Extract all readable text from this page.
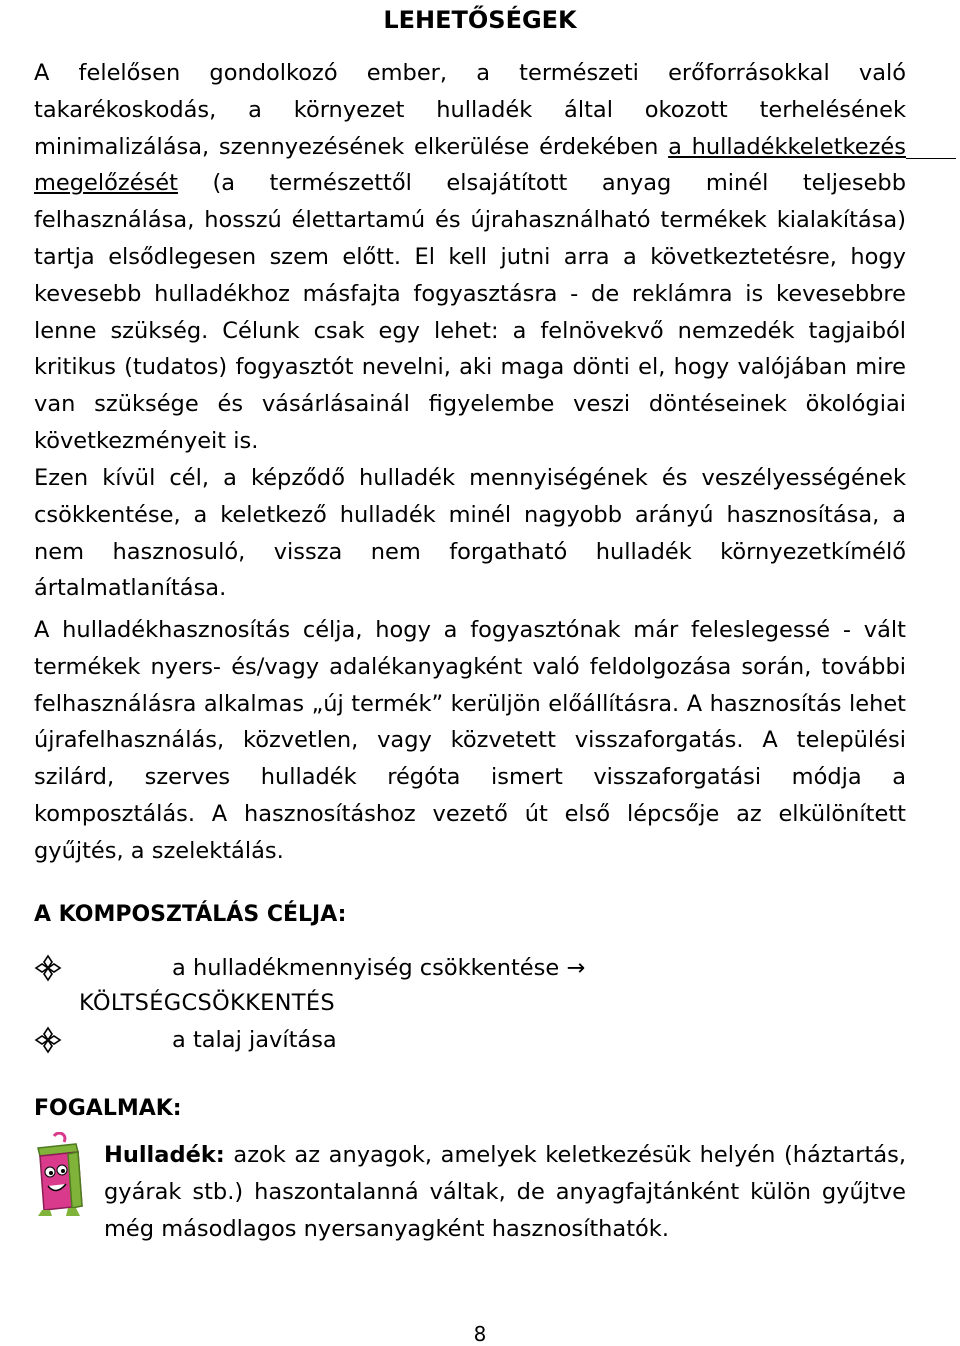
LEHETŐSÉGEK

A felelősen gondolkozó ember, a természeti erőforrásokkal való takarékoskodás, a környezet hulladék által okozott terhelésének minimalizálása, szennyezésének elkerülése érdekében a hulladékkeletkezés megelőzését (a természettől elsajátított anyag minél teljesebb felhasználása, hosszú élettartamú és újrahasználható termékek kialakítása) tartja elsődlegesen szem előtt. El kell jutni arra a következtetésre, hogy kevesebb hulladékhoz másfajta fogyasztásra - de reklámra is kevesebbre lenne szükség. Célunk csak egy lehet: a felnövekvő nemzedék tagjaiból kritikus (tudatos) fogyasztót nevelni, aki maga dönti el, hogy valójában mire van szüksége és vásárlásainál figyelembe veszi döntéseinek ökológiai következményeit is.

Ezen kívül cél, a képződő hulladék mennyiségének és veszélyességének csökkentése, a keletkező hulladék minél nagyobb arányú hasznosítása, a nem hasznosuló, vissza nem forgatható hulladék környezetkímélő ártalmatlanítása.

A hulladékhasznosítás célja, hogy a fogyasztónak már feleslegessé - vált termékek nyers- és/vagy adalékanyagként való feldolgozása során, további felhasználásra alkalmas „új termék” kerüljön előállításra. A hasznosítás lehet újrafelhasználás, közvetlen, vagy közvetett visszaforgatás. A települési szilárd, szerves hulladék régóta ismert visszaforgatási módja a komposztálás. A hasznosításhoz vezető út első lépcsője az elkülönített gyűjtés, a szelektálás.

A KOMPOSZTÁLÁS CÉLJA:
a hulladékmennyiség csökkentése →
KÖLTSÉGCSÖKKENTÉS
a talaj javítása
FOGALMAK:

Hulladék: azok az anyagok, amelyek keletkezésük helyén (háztartás, gyárak stb.) haszontalanná váltak, de anyagfajtánként külön gyűjtve még másodlagos nyersanyagként hasznosíthatók.

8
